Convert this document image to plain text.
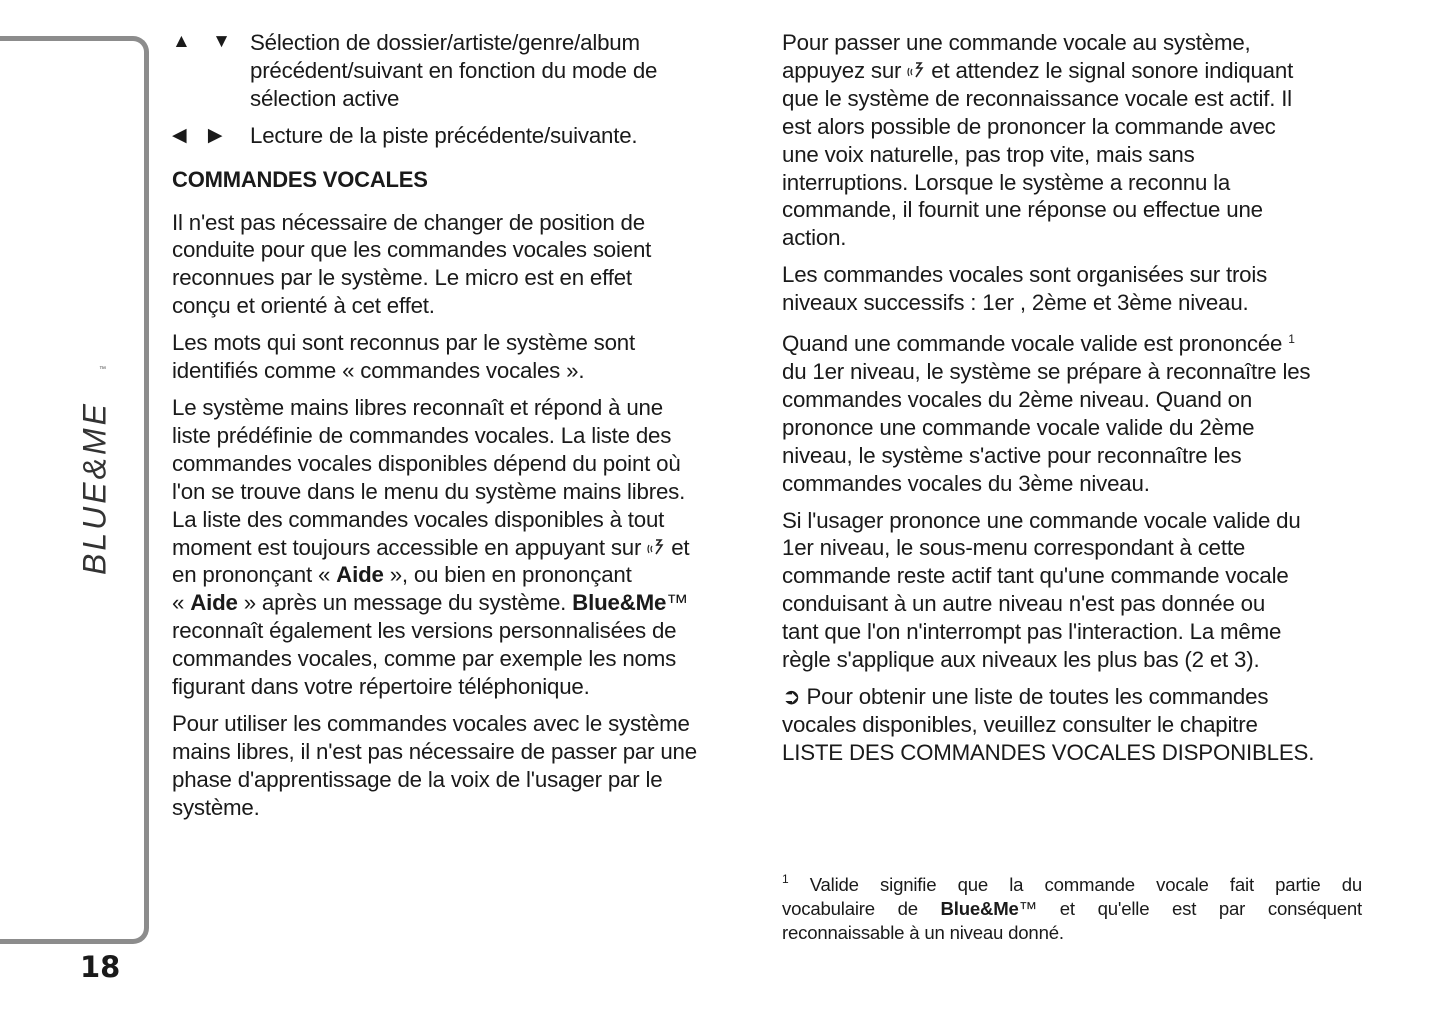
BLUE&ME
™
18
▲ ▼ Sélection de dossier/artiste/genre/album
précédent/suivant en fonction du mode de
sélection active
◀ ▶ Lecture de la piste précédente/suivante.
COMMANDES VOCALES
Il n'est pas nécessaire de changer de position de
conduite pour que les commandes vocales soient
reconnues par le système. Le micro est en effet
conçu et orienté à cet effet.
Les mots qui sont reconnus par le système sont
identifiés comme « commandes vocales ».
Le système mains libres reconnaît et répond à une
liste prédéfinie de commandes vocales. La liste des
commandes vocales disponibles dépend du point où
l'on se trouve dans le menu du système mains libres.
La liste des commandes vocales disponibles à tout
moment est toujours accessible en appuyant sur  et
en prononçant « Aide », ou bien en prononçant
« Aide » après un message du système. Blue&Me™
reconnaît également les versions personnalisées de
commandes vocales, comme par exemple les noms
figurant dans votre répertoire téléphonique.
Pour utiliser les commandes vocales avec le système
mains libres, il n'est pas nécessaire de passer par une
phase d'apprentissage de la voix de l'usager par le
système.
Pour passer une commande vocale au système,
appuyez sur  et attendez le signal sonore indiquant
que le système de reconnaissance vocale est actif. Il
est alors possible de prononcer la commande avec
une voix naturelle, pas trop vite, mais sans
interruptions. Lorsque le système a reconnu la
commande, il fournit une réponse ou effectue une
action.
Les commandes vocales sont organisées sur trois
niveaux successifs : 1er , 2ème et 3ème niveau.
Quand une commande vocale valide est prononcée $^1$
du 1er niveau, le système se prépare à reconnaître les
commandes vocales du 2ème niveau. Quand on
prononce une commande vocale valide du 2ème
niveau, le système s'active pour reconnaître les
commandes vocales du 3ème niveau.
Si l'usager prononce une commande vocale valide du
1er niveau, le sous-menu correspondant à cette
commande reste actif tant qu'une commande vocale
conduisant à un autre niveau n'est pas donnée ou
tant que l'on n'interrompt pas l'interaction. La même
règle s'applique aux niveaux les plus bas (2 et 3).
➲ Pour obtenir une liste de toutes les commandes
vocales disponibles, veuillez consulter le chapitre
LISTE DES COMMANDES VOCALES DISPONIBLES.
$^1$ Valide signifie que la commande vocale fait partie du
vocabulaire de Blue&Me™ et qu'elle est par conséquent
reconnaissable à un niveau donné.
